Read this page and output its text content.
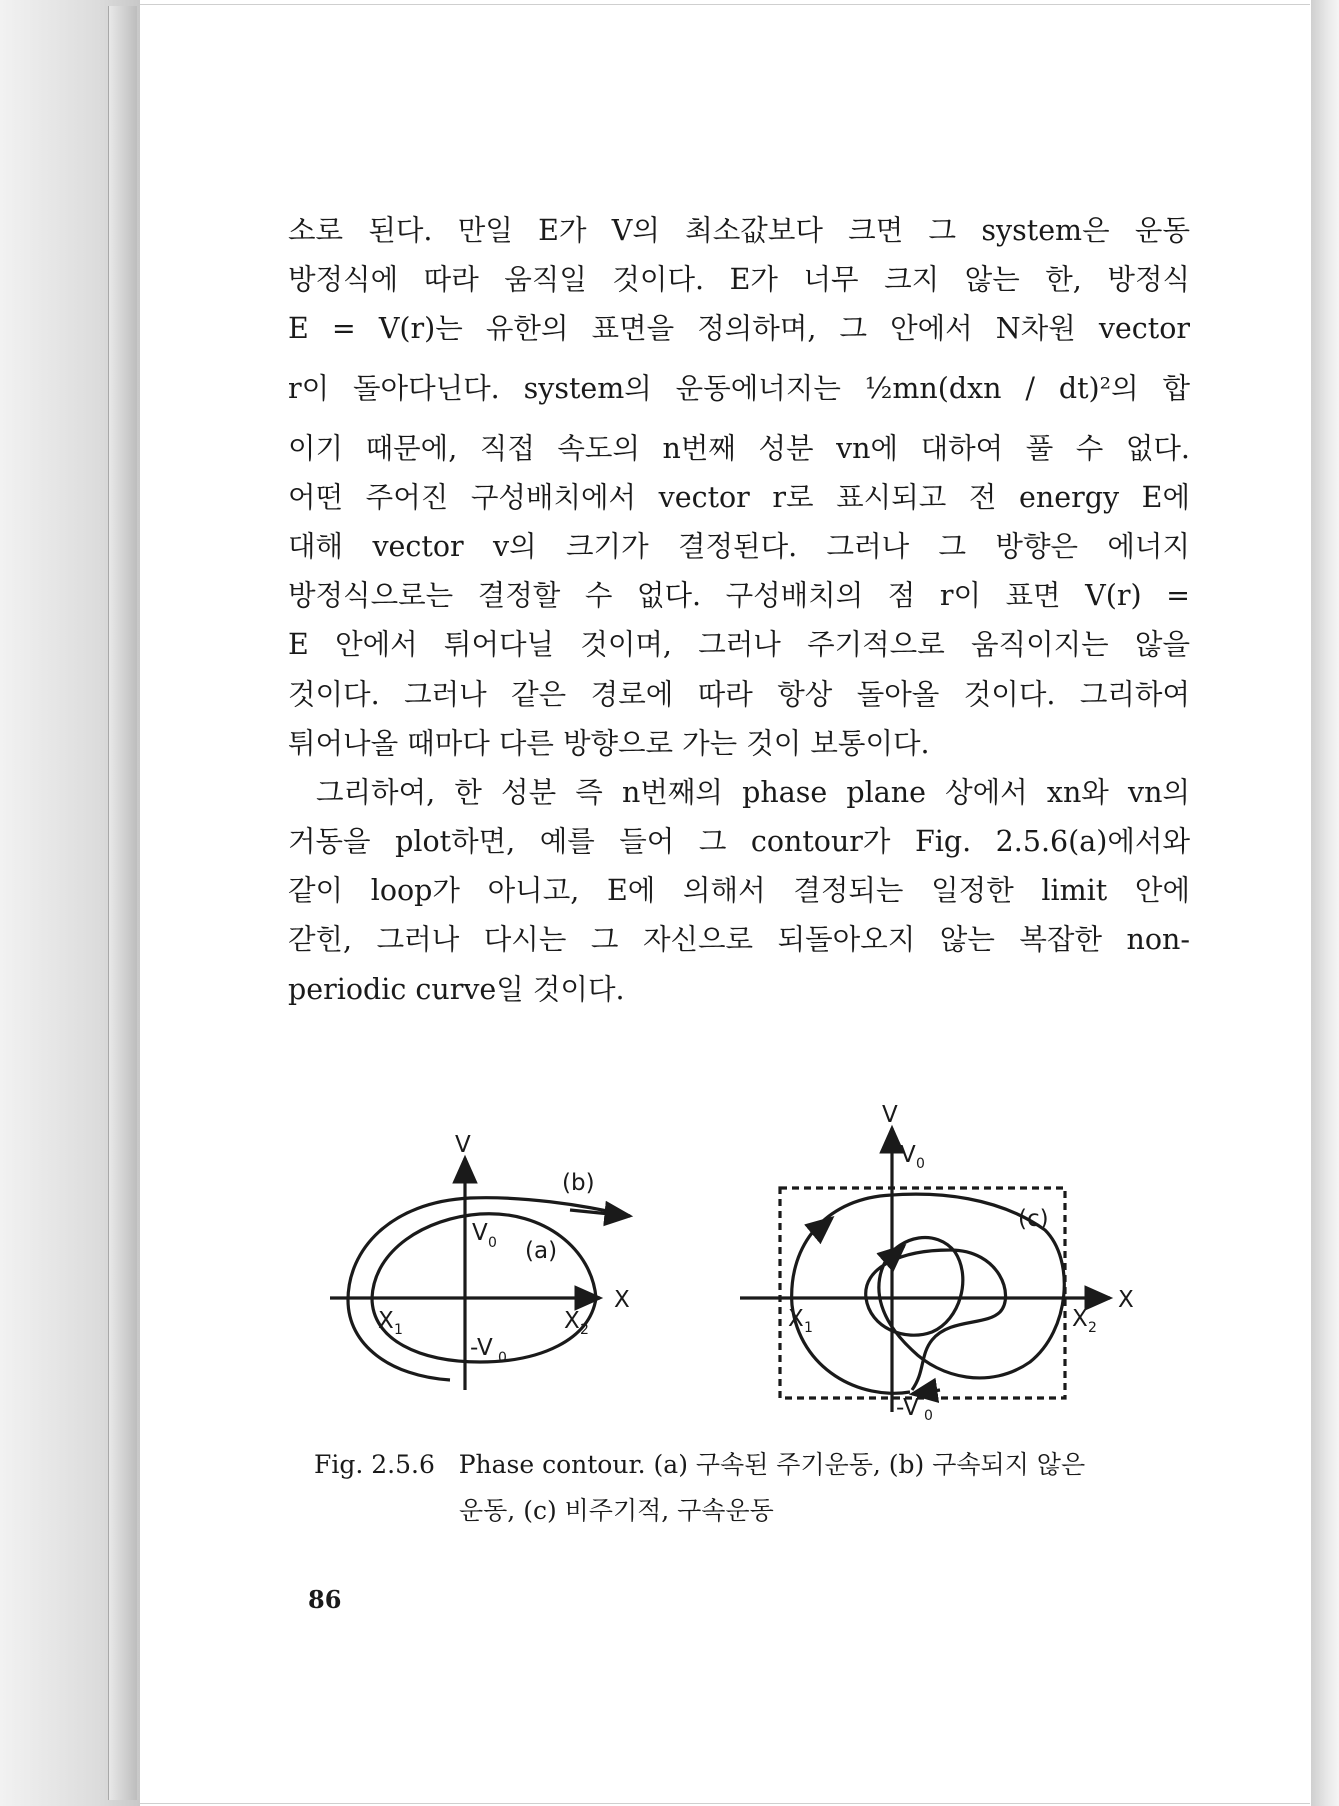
소로 된다. 만일 E가 V의 최소값보다 크면 그 system은 운동
방정식에 따라 움직일 것이다. E가 너무 크지 않는 한, 방정식
E = V(r)는 유한의 표면을 정의하며, 그 안에서 N차원 vector
r이 돌아다닌다. system의 운동에너지는 ½mn(dxn / dt)²의 합
이기 때문에, 직접 속도의 n번째 성분 vn에 대하여 풀 수 없다.
어떤 주어진 구성배치에서 vector r로 표시되고 전 energy E에
대해 vector v의 크기가 결정된다. 그러나 그 방향은 에너지
방정식으로는 결정할 수 없다. 구성배치의 점 r이 표면 V(r) =
E 안에서 튀어다닐 것이며, 그러나 주기적으로 움직이지는 않을
것이다. 그러나 같은 경로에 따라 항상 돌아올 것이다. 그리하여
튀어나올 때마다 다른 방향으로 가는 것이 보통이다.
그리하여, 한 성분 즉 n번째의 phase plane 상에서 xn와 vn의
거동을 plot하면, 예를 들어 그 contour가 Fig. 2.5.6(a)에서와
같이 loop가 아니고, E에 의해서 결정되는 일정한 limit 안에
갇힌, 그러나 다시는 그 자신으로 되돌아오지 않는 복잡한 non-
periodic curve일 것이다.
V
X
V 0
-V 0
X 1	X 2
(a)
(b)
V
X
V 0
-V 0
X 1	X 2
(c)
Fig. 2.5.6 Phase contour. (a) 구속된 주기운동, (b) 구속되지 않은
운동, (c) 비주기적, 구속운동
86
